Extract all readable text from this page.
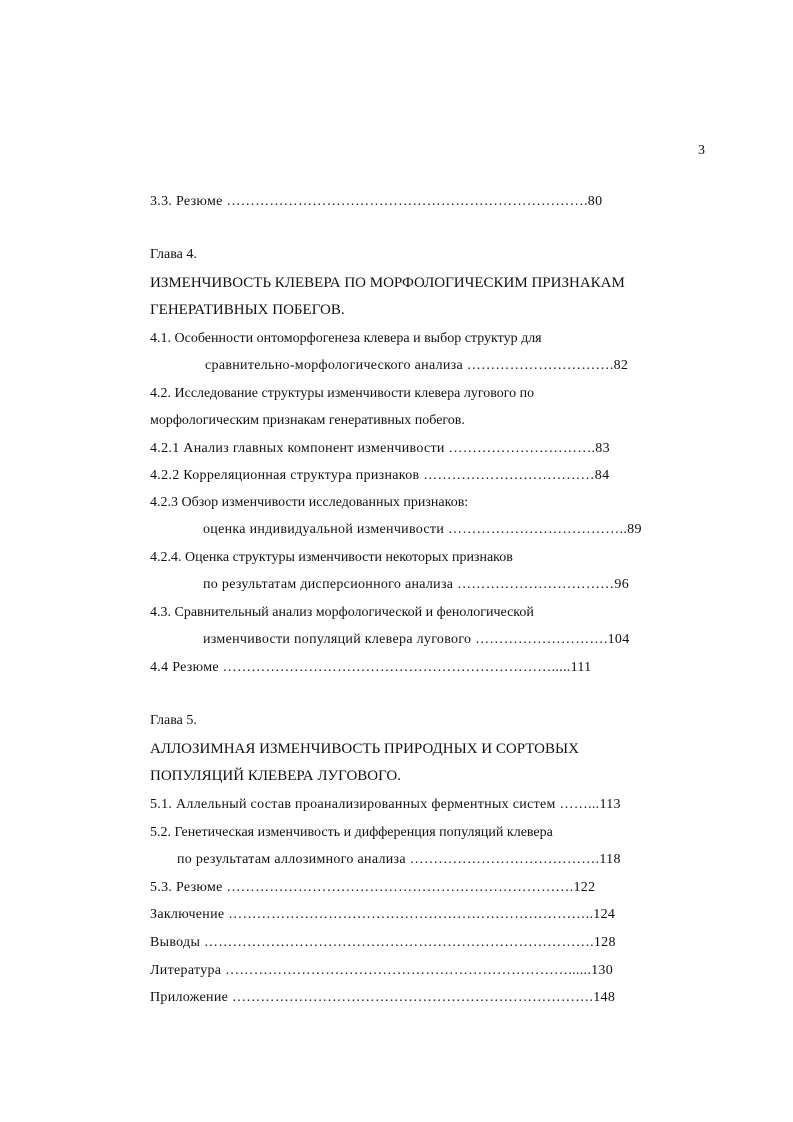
3
3.3. Резюме ………………………………………………………………….80
Глава 4.
ИЗМЕНЧИВОСТЬ КЛЕВЕРА ПО МОРФОЛОГИЧЕСКИМ ПРИЗНАКАМ
ГЕНЕРАТИВНЫХ ПОБЕГОВ.
4.1. Особенности онтоморфогенеза клевера и выбор структур для
сравнительно-морфологического анализа ………………………….82
4.2. Исследование структуры изменчивости клевера лугового по
морфологическим признакам генеративных побегов.
4.2.1 Анализ главных компонент изменчивости ………………………….83
4.2.2 Корреляционная структура признаков ………………………………84
4.2.3 Обзор изменчивости исследованных признаков:
оценка индивидуальной изменчивости ………………………………..89
4.2.4. Оценка структуры изменчивости некоторых признаков
по результатам дисперсионного анализа ……………………………96
4.3. Сравнительный анализ морфологической и фенологической
изменчивости популяций клевера лугового ……………………….104
4.4 Резюме …………………………………………………………….....111
Глава 5.
АЛЛОЗИМНАЯ ИЗМЕНЧИВОСТЬ ПРИРОДНЫХ И СОРТОВЫХ
ПОПУЛЯЦИЙ КЛЕВЕРА ЛУГОВОГО.
5.1. Аллельный состав проанализированных ферментных систем ……...113
5.2. Генетическая изменчивость и дифференция популяций клевера
по результатам аллозимного анализа ………………………………….118
5.3. Резюме ……………………………………………………………….122
Заключение …………………………………………………………………..124
Выводы ……………………………………………………………………….128
Литература ………………………………………………………………......130
Приложение ………………………………………………………………….148
